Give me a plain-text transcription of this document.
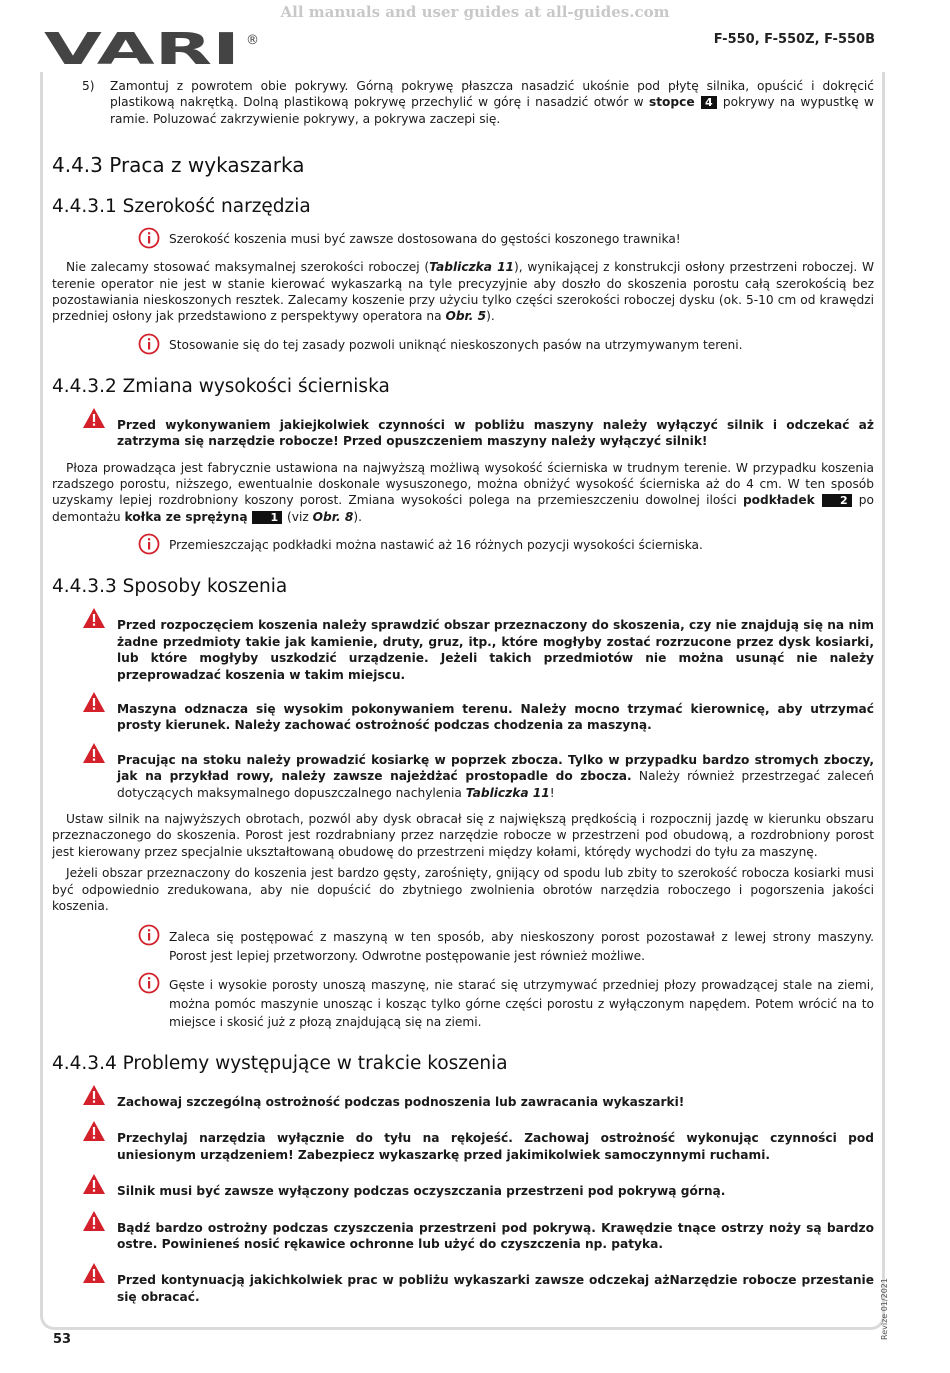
All manuals and user guides at all-guides.com
VARI ®	F-550, F-550Z, F-550B
5)	Zamontuj z powrotem obie pokrywy. Górną pokrywę płaszcza nasadzić ukośnie pod płytę silnika, opuścić i dokręcić plastikową nakrętką. Dolną plastikową pokrywę przechylić w górę i nasadzić otwór w stopce 4 pokrywy na wypustkę w ramie. Poluzować zakrzywienie pokrywy, a pokrywa zaczepi się.

4.4.3 Praca z wykaszarka
4.4.3.1 Szerokość narzędzia
Szerokość koszenia musi być zawsze dostosowana do gęstości koszonego trawnika!

Nie zalecamy stosować maksymalnej szerokości roboczej (Tabliczka 11), wynikającej z konstrukcji osłony przestrzeni roboczej. W terenie operator nie jest w stanie kierować wykaszarką na tyle precyzyjnie aby doszło do skoszenia porostu całą szerokością bez pozostawiania nieskoszonych resztek. Zalecamy koszenie przy użyciu tylko części szerokości roboczej dysku (ok. 5-10 cm od krawędzi przedniej osłony jak przedstawiono z perspektywy operatora na Obr. 5).

Stosowanie się do tej zasady pozwoli uniknąć nieskoszonych pasów na utrzymywanym tereni.
4.4.3.2 Zmiana wysokości ścierniska
Przed wykonywaniem jakiejkolwiek czynności w pobliżu maszyny należy wyłączyć silnik i odczekać aż zatrzyma się narzędzie robocze! Przed opuszczeniem maszyny należy wyłączyć silnik!

Płoza prowadząca jest fabrycznie ustawiona na najwyższą możliwą wysokość ścierniska w trudnym terenie. W przypadku koszenia rzadszego porostu, niższego, ewentualnie doskonale wysuszonego, można obniżyć wysokość ścierniska aż do 4 cm. W ten sposób uzyskamy lepiej rozdrobniony koszony porost. Zmiana wysokości polega na przemieszczeniu dowolnej ilości podkładek 2 po demontażu kołka ze sprężyną 1 (viz Obr. 8).

Przemieszczając podkładki można nastawić aż 16 różnych pozycji wysokości ścierniska.
4.4.3.3 Sposoby koszenia
Przed rozpoczęciem koszenia należy sprawdzić obszar przeznaczony do skoszenia, czy nie znajdują się na nim żadne przedmioty takie jak kamienie, druty, gruz, itp., które mogłyby zostać rozrzucone przez dysk kosiarki, lub które mogłyby uszkodzić urządzenie. Jeżeli takich przedmiotów nie można usunąć nie należy przeprowadzać koszenia w takim miejscu.
Maszyna odznacza się wysokim pokonywaniem terenu. Należy mocno trzymać kierownicę, aby utrzymać prosty kierunek. Należy zachować ostrożność podczas chodzenia za maszyną.
Pracując na stoku należy prowadzić kosiarkę w poprzek zbocza. Tylko w przypadku bardzo stromych zboczy, jak na przykład rowy, należy zawsze najeżdżać prostopadle do zbocza. Należy również przestrzegać zaleceń dotyczących maksymalnego dopuszczalnego nachylenia Tabliczka 11!

Ustaw silnik na najwyższych obrotach, pozwól aby dysk obracał się z największą prędkością i rozpocznij jazdę w kierunku obszaru przeznaczonego do skoszenia. Porost jest rozdrabniany przez narzędzie robocze w przestrzeni pod obudową, a rozdrobniony porost jest kierowany przez specjalnie ukształtowaną obudowę do przestrzeni między kołami, którędy wychodzi do tyłu za maszynę.

Jeżeli obszar przeznaczony do koszenia jest bardzo gęsty, zarośnięty, gnijący od spodu lub zbity to szerokość robocza kosiarki musi być odpowiednio zredukowana, aby nie dopuścić do zbytniego zwolnienia obrotów narzędzia roboczego i pogorszenia jakości koszenia.

Zaleca się postępować z maszyną w ten sposób, aby nieskoszony porost pozostawał z lewej strony maszyny. Porost jest lepiej przetworzony. Odwrotne postępowanie jest również możliwe.
Gęste i wysokie porosty unoszą maszynę, nie starać się utrzymywać przedniej płozy prowadzącej stale na ziemi, można pomóc maszynie unosząc i kosząc tylko górne części porostu z wyłączonym napędem. Potem wrócić na to miejsce i skosić już z płozą znajdującą się na ziemi.
4.4.3.4 Problemy występujące w trakcie koszenia
Zachowaj szczególną ostrożność podczas podnoszenia lub zawracania wykaszarki!
Przechylaj narzędzia wyłącznie do tyłu na rękojeść. Zachowaj ostrożność wykonując czynności pod uniesionym urządzeniem! Zabezpiecz wykaszarkę przed jakimikolwiek samoczynnymi ruchami.
Silnik musi być zawsze wyłączony podczas oczyszczania przestrzeni pod pokrywą górną.
Bądź bardzo ostrożny podczas czyszczenia przestrzeni pod pokrywą. Krawędzie tnące ostrzy noży są bardzo ostre. Powinieneś nosić rękawice ochronne lub użyć do czyszczenia np. patyka.
Przed kontynuacją jakichkolwiek prac w pobliżu wykaszarki zawsze odczekaj ażNarzędzie robocze przestanie się obracać.
53	Revize 01/2021
